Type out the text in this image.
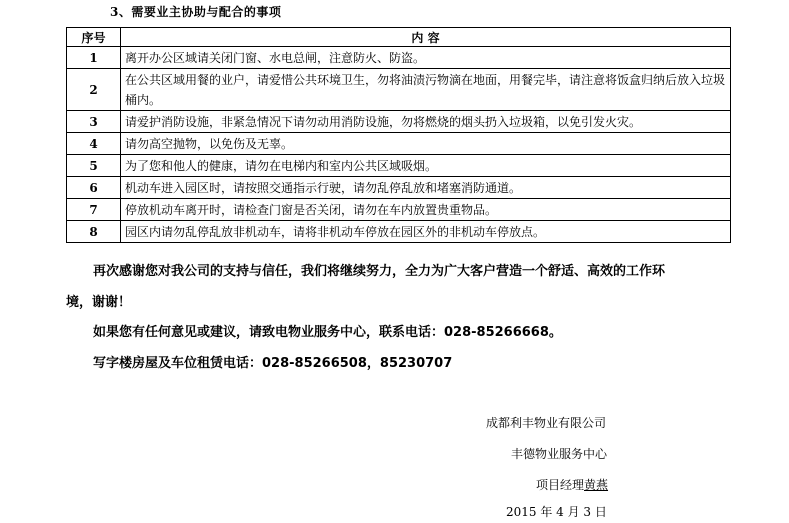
3、需要业主协助与配合的事项
序号	内 容
1	离开办公区域请关闭门窗、水电总闸，注意防火、防盗。
2	在公共区域用餐的业户，请爱惜公共环境卫生，勿将油渍污物滴在地面，用餐完毕，请注意将饭盒归纳后放入垃圾桶内。
3	请爱护消防设施，非紧急情况下请勿动用消防设施，勿将燃烧的烟头扔入垃圾箱，以免引发火灾。
4	请勿高空抛物，以免伤及无辜。
5	为了您和他人的健康，请勿在电梯内和室内公共区域吸烟。
6	机动车进入园区时，请按照交通指示行驶，请勿乱停乱放和堵塞消防通道。
7	停放机动车离开时，请检查门窗是否关闭，请勿在车内放置贵重物品。
8	园区内请勿乱停乱放非机动车，请将非机动车停放在园区外的非机动车停放点。
再次感谢您对我公司的支持与信任，我们将继续努力，全力为广大客户营造一个舒适、高效的工作环
境，谢谢！
如果您有任何意见或建议，请致电物业服务中心，联系电话：028-85266668。
写字楼房屋及车位租赁电话：028-85266508，85230707
成都利丰物业有限公司
丰德物业服务中心
项目经理黄燕
2015 年 4 月 3 日
